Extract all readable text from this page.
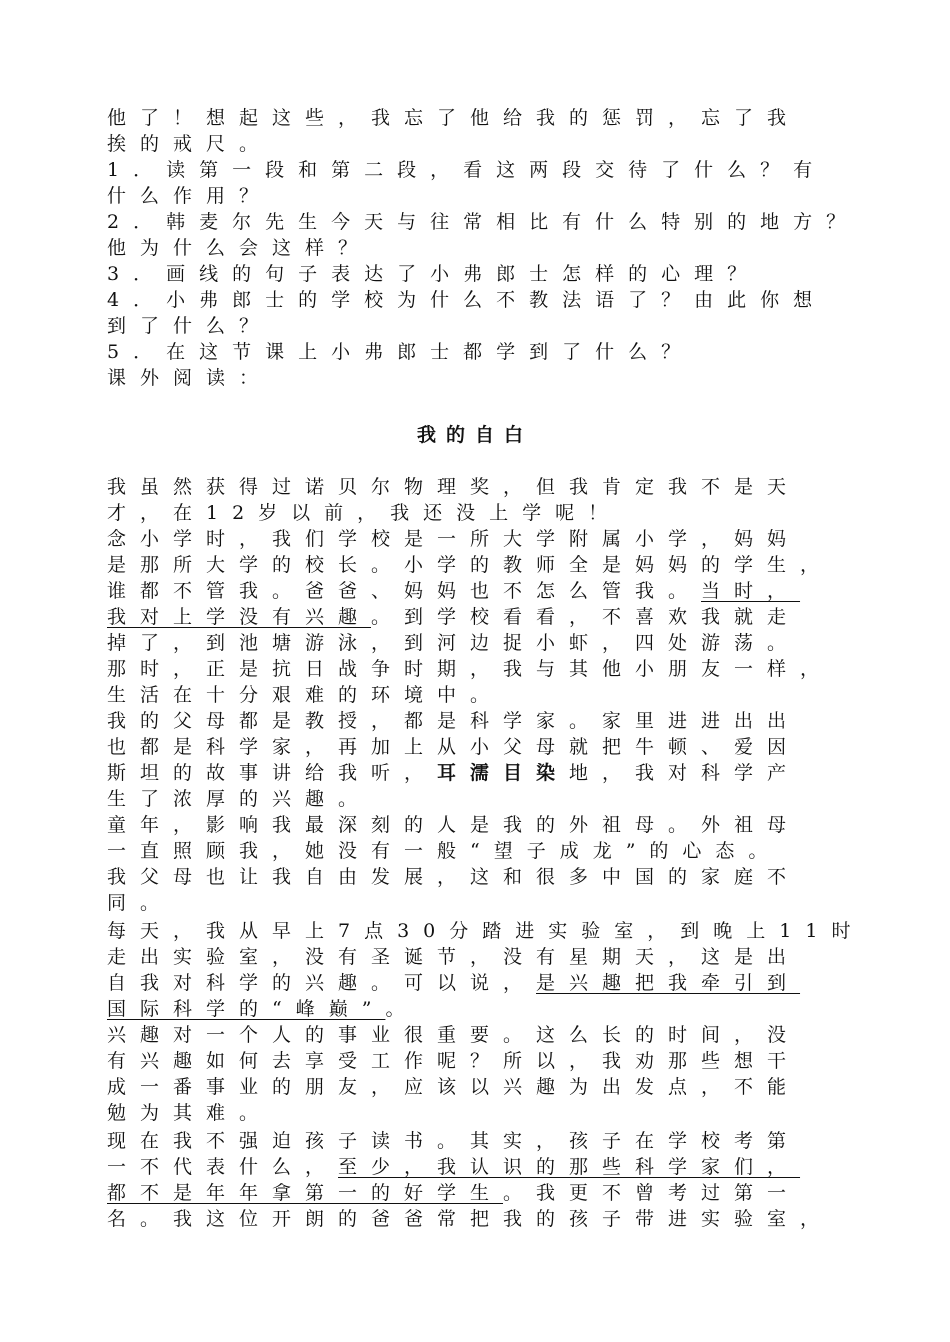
他了！想起这些，我忘了他给我的惩罚，忘了我
挨的戒尺。
1．读第一段和第二段，看这两段交待了什么？有
什么作用？
2．韩麦尔先生今天与往常相比有什么特别的地方？
他为什么会这样？
3．画线的句子表达了小弗郎士怎样的心理？
4．小弗郎士的学校为什么不教法语了？由此你想
到了什么？
5．在这节课上小弗郎士都学到了什么？
课外阅读：
我的自白
我虽然获得过诺贝尔物理奖，但我肯定我不是天
才，在12岁以前，我还没上学呢！
念小学时，我们学校是一所大学附属小学，妈妈
是那所大学的校长。小学的教师全是妈妈的学生，
谁都不管我。爸爸、妈妈也不怎么管我。当时，
我对上学没有兴趣。到学校看看，不喜欢我就走
掉了，到池塘游泳，到河边捉小虾，四处游荡。
那时，正是抗日战争时期，我与其他小朋友一样，
生活在十分艰难的环境中。
我的父母都是教授，都是科学家。家里进进出出
也都是科学家，再加上从小父母就把牛顿、爱因
斯坦的故事讲给我听，耳濡目染地，我对科学产
生了浓厚的兴趣。
童年，影响我最深刻的人是我的外祖母。外祖母
一直照顾我，她没有一般“望子成龙”的心态。
我父母也让我自由发展，这和很多中国的家庭不
同。
每天，我从早上7点30分踏进实验室，到晚上11时
走出实验室，没有圣诞节，没有星期天，这是出
自我对科学的兴趣。可以说，是兴趣把我牵引到
国际科学的“峰巅”。
兴趣对一个人的事业很重要。这么长的时间，没
有兴趣如何去享受工作呢？所以，我劝那些想干
成一番事业的朋友，应该以兴趣为出发点，不能
勉为其难。
现在我不强迫孩子读书。其实，孩子在学校考第
一不代表什么，至少，我认识的那些科学家们，
都不是年年拿第一的好学生。我更不曾考过第一
名。我这位开朗的爸爸常把我的孩子带进实验室，
